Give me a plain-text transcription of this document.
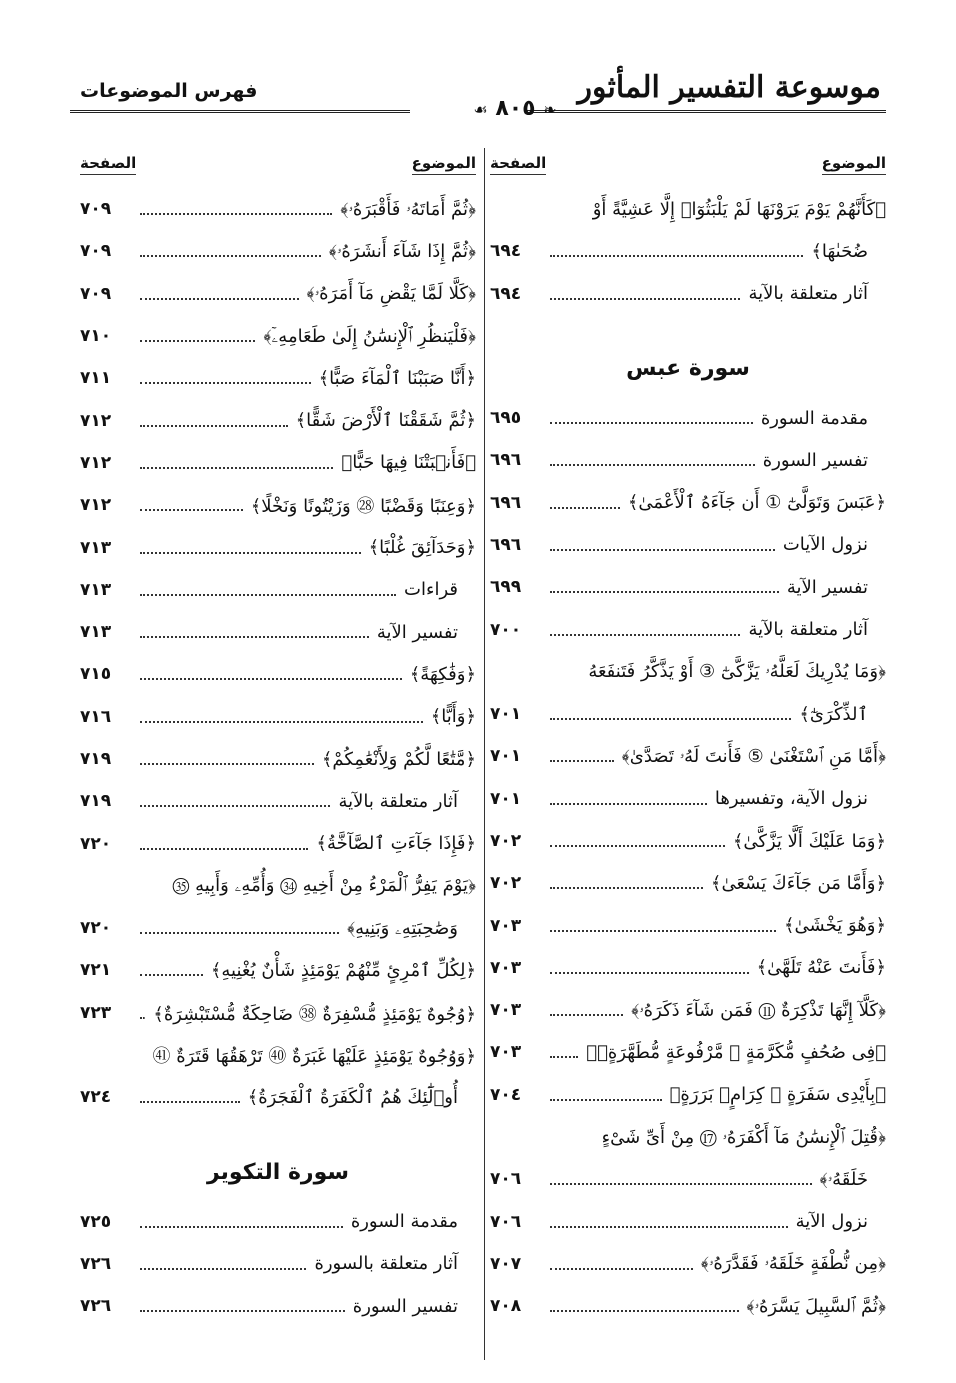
موسوعة التفسير المأثور
فهرس الموضوعات
❧ ٨٠٥ ☙
الموضوع
الصفحة
﴿كَأَنَّهُمْ يَوْمَ يَرَوْنَهَا لَمْ يَلْبَثُوٓا۟ إِلَّا عَشِيَّةً أَوْ
ضُحَىٰهَا﴾
٦٩٤
آثار متعلقة بالآية
٦٩٤
سورة عبس
مقدمة السورة
٦٩٥
تفسير السورة
٦٩٦
﴿عَبَسَ وَتَوَلَّىٰٓ ① أَن جَآءَهُ ٱلْأَعْمَىٰ﴾
٦٩٦
نزول الآيات
٦٩٦
تفسير الآية
٦٩٩
آثار متعلقة بالآية
٧٠٠
﴿وَمَا يُدْرِيكَ لَعَلَّهُۥ يَزَّكَّىٰٓ ③ أَوْ يَذَّكَّرُ فَتَنفَعَهُ
ٱلذِّكْرَىٰٓ﴾
٧٠١
﴿أَمَّا مَنِ ٱسْتَغْنَىٰ ⑤ فَأَنتَ لَهُۥ تَصَدَّىٰ﴾
٧٠١
نزول الآية، وتفسيرها
٧٠١
﴿وَمَا عَلَيْكَ أَلَّا يَزَّكَّىٰ﴾
٧٠٢
﴿وَأَمَّا مَن جَآءَكَ يَسْعَىٰ﴾
٧٠٢
﴿وَهُوَ يَخْشَىٰ﴾
٧٠٣
﴿فَأَنتَ عَنْهُ تَلَهَّىٰ﴾
٧٠٣
﴿كَلَّآ إِنَّهَا تَذْكِرَةٌ ⑪ فَمَن شَآءَ ذَكَرَهُۥ﴾
٧٠٣
﴿فِى صُحُفٍ مُّكَرَّمَةٍ ⑬ مَّرْفُوعَةٍ مُّطَهَّرَةٍۭ﴾
٧٠٣
﴿بِأَيْدِى سَفَرَةٍ ⑮ كِرَامٍۭ بَرَرَةٍ﴾
٧٠٤
﴿قُتِلَ ٱلْإِنسَٰنُ مَآ أَكْفَرَهُۥ ⑰ مِنْ أَىِّ شَىْءٍ
خَلَقَهُۥ﴾
٧٠٦
نزول الآية
٧٠٦
﴿مِن نُّطْفَةٍ خَلَقَهُۥ فَقَدَّرَهُۥ﴾
٧٠٧
﴿ثُمَّ ٱلسَّبِيلَ يَسَّرَهُۥ﴾
٧٠٨
الموضوع
الصفحة
﴿ثُمَّ أَمَاتَهُۥ فَأَقْبَرَهُۥ﴾
٧٠٩
﴿ثُمَّ إِذَا شَآءَ أَنشَرَهُۥ﴾
٧٠٩
﴿كَلَّا لَمَّا يَقْضِ مَآ أَمَرَهُۥ﴾
٧٠٩
﴿فَلْيَنظُرِ ٱلْإِنسَٰنُ إِلَىٰ طَعَامِهِۦٓ﴾
٧١٠
﴿أَنَّا صَبَبْنَا ٱلْمَآءَ صَبًّا﴾
٧١١
﴿ثُمَّ شَقَقْنَا ٱلْأَرْضَ شَقًّا﴾
٧١٢
﴿فَأَنۢبَتْنَا فِيهَا حَبًّا﴾
٧١٢
﴿وَعِنَبًا وَقَضْبًا ㉘ وَزَيْتُونًا وَنَخْلًا﴾
٧١٢
﴿وَحَدَآئِقَ غُلْبًا﴾
٧١٣
قراءات
٧١٣
تفسير الآية
٧١٣
﴿وَفَٰكِهَةً﴾
٧١٥
﴿وَأَبًّا﴾
٧١٦
﴿مَّتَٰعًا لَّكُمْ وَلِأَنْعَٰمِكُمْ﴾
٧١٩
آثار متعلقة بالآية
٧١٩
﴿فَإِذَا جَآءَتِ ٱلصَّآخَّةُ﴾
٧٢٠
﴿يَوْمَ يَفِرُّ ٱلْمَرْءُ مِنْ أَخِيهِ ㉞ وَأُمِّهِۦ وَأَبِيهِ ㉟
وَصَٰحِبَتِهِۦ وَبَنِيهِ﴾
٧٢٠
﴿لِكُلِّ ٱمْرِئٍ مِّنْهُمْ يَوْمَئِذٍ شَأْنٌ يُغْنِيهِ﴾
٧٢١
﴿وُجُوهٌ يَوْمَئِذٍ مُّسْفِرَةٌ ㊳ ضَاحِكَةٌ مُّسْتَبْشِرَةٌ﴾
٧٢٣
﴿وَوُجُوهٌ يَوْمَئِذٍ عَلَيْهَا غَبَرَةٌ ㊵ تَرْهَقُهَا قَتَرَةٌ ㊶
أُو۟لَٰٓئِكَ هُمُ ٱلْكَفَرَةُ ٱلْفَجَرَةُ﴾
٧٢٤
سورة التكوير
مقدمة السورة
٧٢٥
آثار متعلقة بالسورة
٧٢٦
تفسير السورة
٧٢٦
